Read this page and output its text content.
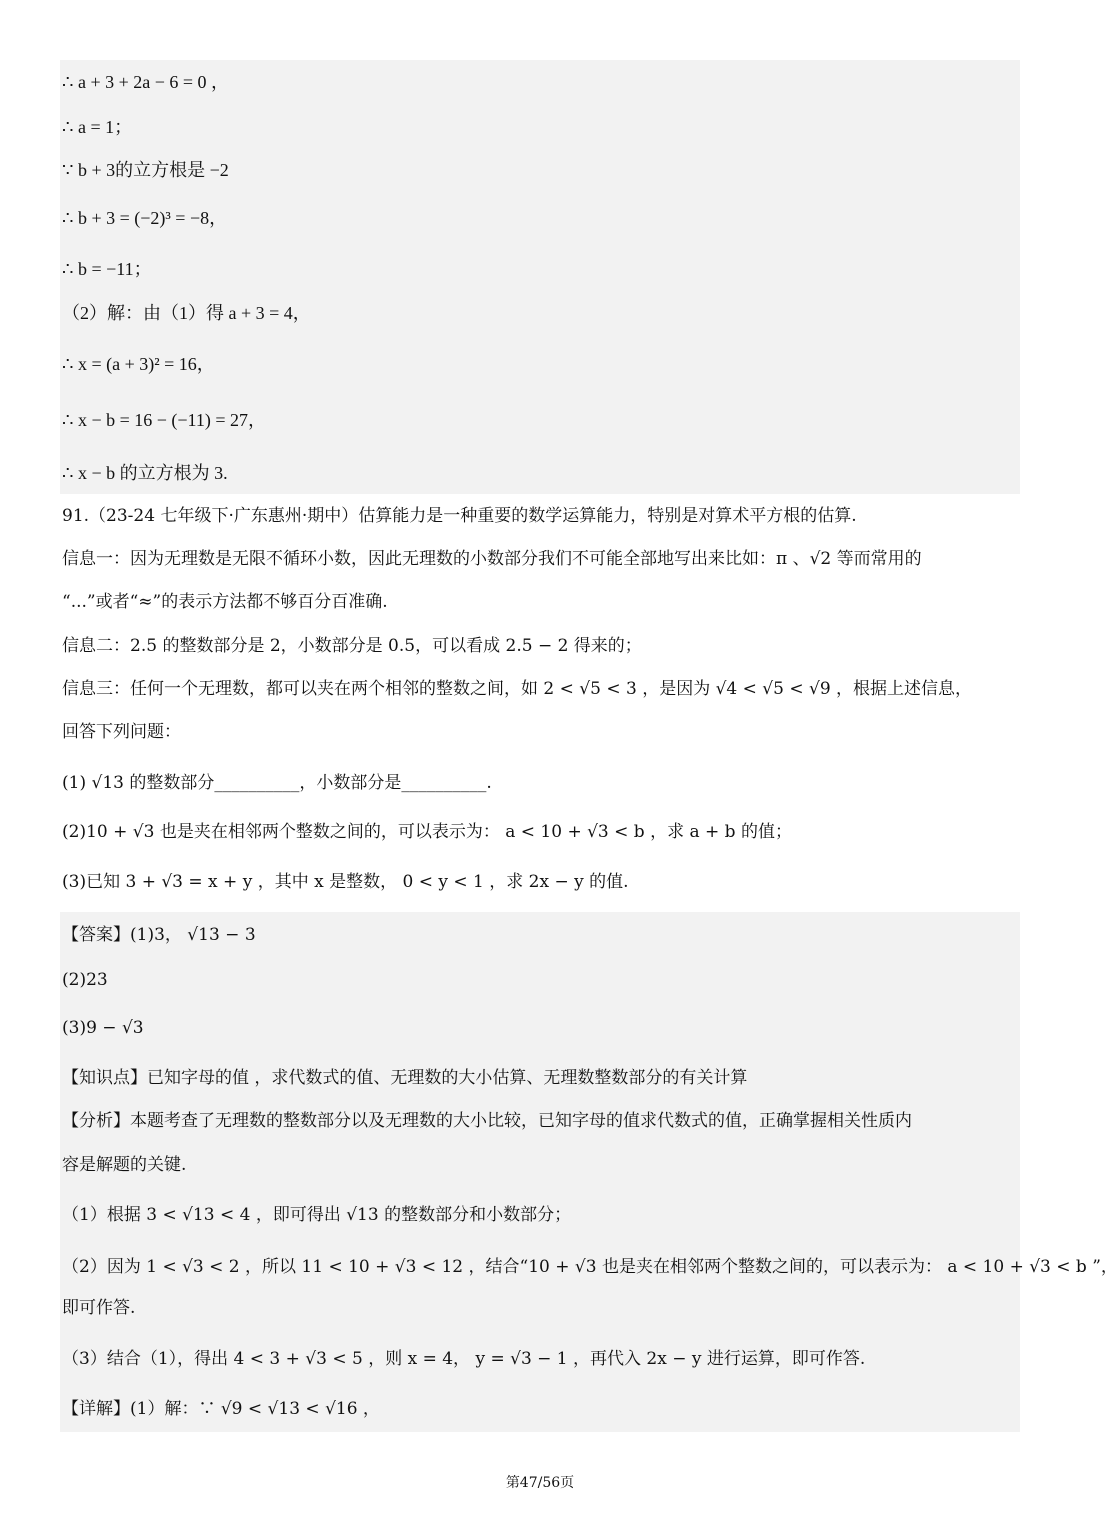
∴ a + 3 + 2a − 6 = 0 ，
∴ a = 1；
∵ b + 3的立方根是 −2
∴ b + 3 = (−2)³ = −8，
∴ b = −11；
（2）解：由（1）得 a + 3 = 4，
∴ x = (a + 3)² = 16，
∴ x − b = 16 − (−11) = 27，
∴ x − b 的立方根为 3.
91.（23-24 七年级下·广东惠州·期中）估算能力是一种重要的数学运算能力，特别是对算术平方根的估算.
信息一：因为无理数是无限不循环小数，因此无理数的小数部分我们不可能全部地写出来比如：π 、√2 等而常用的
“...”或者“≈”的表示方法都不够百分百准确.
信息二：2.5 的整数部分是 2，小数部分是 0.5，可以看成 2.5 − 2 得来的；
信息三：任何一个无理数，都可以夹在两个相邻的整数之间，如 2 < √5 < 3 ，是因为 √4 < √5 < √9 ，根据上述信息，
回答下列问题：
(1) √13 的整数部分__________，小数部分是__________.
(2)10 + √3 也是夹在相邻两个整数之间的，可以表示为： a < 10 + √3 < b ，求 a + b 的值；
(3)已知 3 + √3 = x + y ，其中 x 是整数， 0 < y < 1 ，求 2x − y 的值.
【答案】(1)3， √13 − 3
(2)23
(3)9 − √3
【知识点】已知字母的值 ，求代数式的值、无理数的大小估算、无理数整数部分的有关计算
【分析】本题考查了无理数的整数部分以及无理数的大小比较，已知字母的值求代数式的值，正确掌握相关性质内
容是解题的关键.
（1）根据 3 < √13 < 4 ，即可得出 √13 的整数部分和小数部分；
（2）因为 1 < √3 < 2 ，所以 11 < 10 + √3 < 12 ，结合“10 + √3 也是夹在相邻两个整数之间的，可以表示为： a < 10 + √3 < b ”，
即可作答.
（3）结合（1），得出 4 < 3 + √3 < 5 ，则 x = 4， y = √3 − 1 ，再代入 2x − y 进行运算，即可作答.
【详解】(1）解：∵ √9 < √13 < √16 ，
第47/56页
